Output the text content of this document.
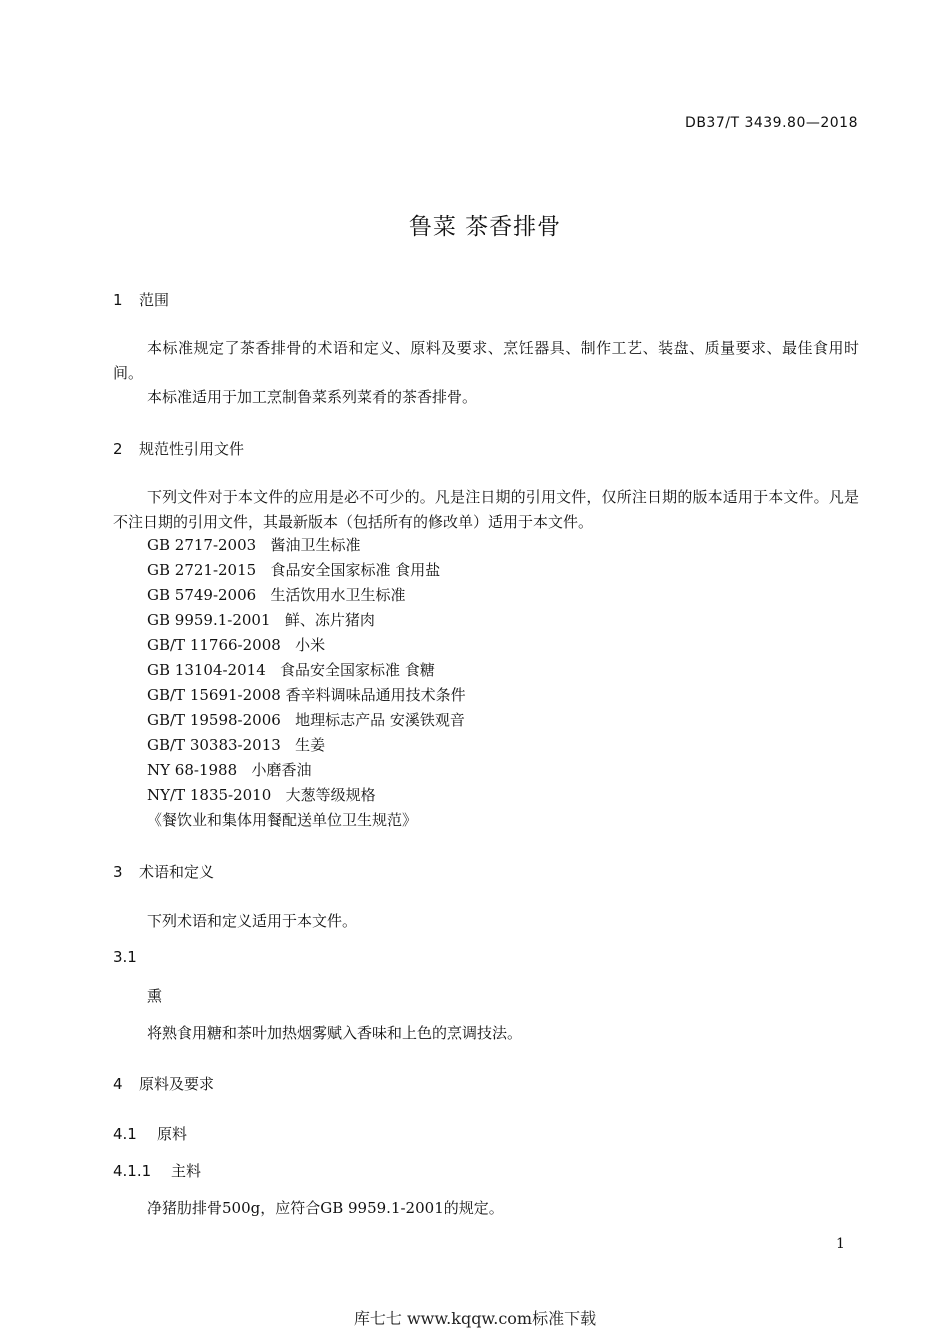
DB37/T 3439.80—2018
鲁菜 茶香排骨
1 范围
本标准规定了茶香排骨的术语和定义、原料及要求、烹饪器具、制作工艺、装盘、质量要求、最佳食用时间。
本标准适用于加工烹制鲁菜系列菜肴的茶香排骨。
2 规范性引用文件
下列文件对于本文件的应用是必不可少的。凡是注日期的引用文件，仅所注日期的版本适用于本文件。凡是不注日期的引用文件，其最新版本（包括所有的修改单）适用于本文件。
GB 2717-2003 酱油卫生标准
GB 2721-2015 食品安全国家标准 食用盐
GB 5749-2006 生活饮用水卫生标准
GB 9959.1-2001 鲜、冻片猪肉
GB/T 11766-2008 小米
GB 13104-2014 食品安全国家标准 食糖
GB/T 15691-2008 香辛料调味品通用技术条件
GB/T 19598-2006 地理标志产品 安溪铁观音
GB/T 30383-2013 生姜
NY 68-1988 小磨香油
NY/T 1835-2010 大葱等级规格
《餐饮业和集体用餐配送单位卫生规范》
3 术语和定义
下列术语和定义适用于本文件。
3.1
熏
将熟食用糖和茶叶加热烟雾赋入香味和上色的烹调技法。
4 原料及要求
4.1 原料
4.1.1 主料
净猪肋排骨500g，应符合GB 9959.1-2001的规定。
1
库七七 www.kqqw.com标准下载
